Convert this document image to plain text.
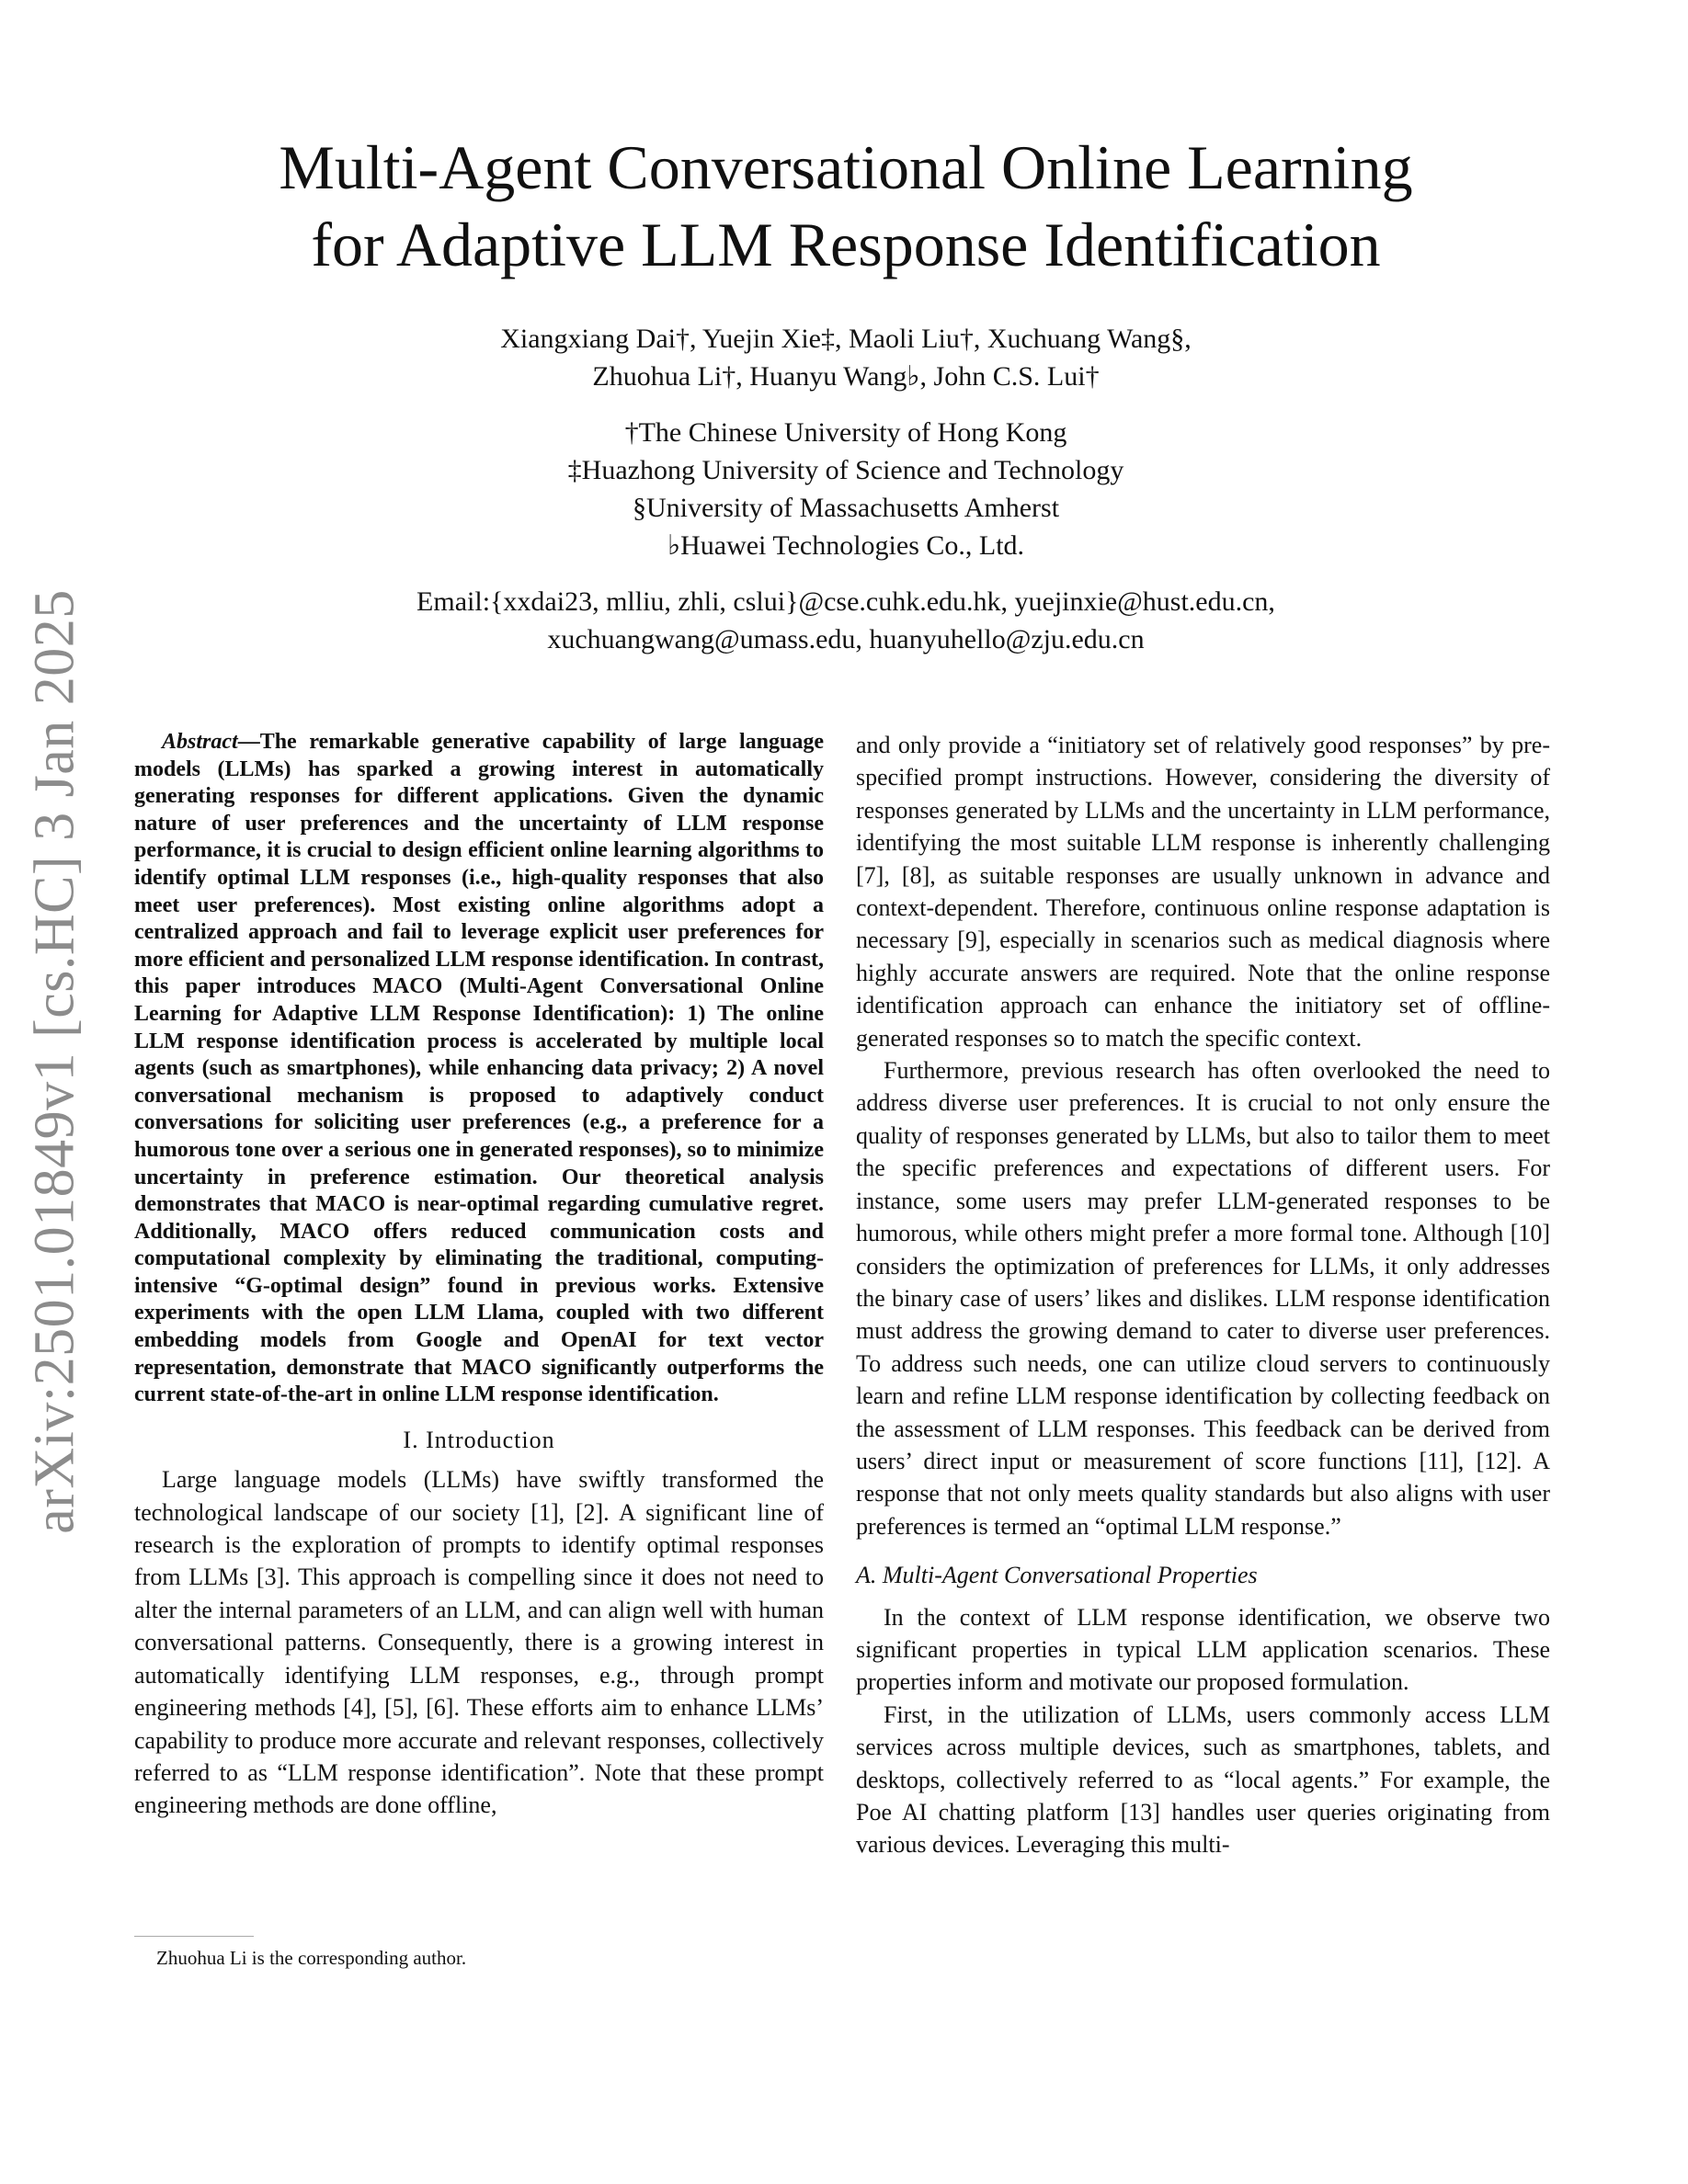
arXiv:2501.01849v1 [cs.HC] 3 Jan 2025
Multi-Agent Conversational Online Learning
for Adaptive LLM Response Identification
Xiangxiang Dai†, Yuejin Xie‡, Maoli Liu†, Xuchuang Wang§,
Zhuohua Li†, Huanyu Wang♭, John C.S. Lui†
†The Chinese University of Hong Kong
‡Huazhong University of Science and Technology
§University of Massachusetts Amherst
♭Huawei Technologies Co., Ltd.
Email:{xxdai23, mlliu, zhli, cslui}@cse.cuhk.edu.hk, yuejinxie@hust.edu.cn,
xuchuangwang@umass.edu, huanyuhello@zju.edu.cn

Abstract—The remarkable generative capability of large language models (LLMs) has sparked a growing interest in automatically generating responses for different applications. Given the dynamic nature of user preferences and the uncertainty of LLM response performance, it is crucial to design efficient online learning algorithms to identify optimal LLM responses (i.e., high-quality responses that also meet user preferences). Most existing online algorithms adopt a centralized approach and fail to leverage explicit user preferences for more efficient and personalized LLM response identification. In contrast, this paper introduces MACO (Multi-Agent Conversational Online Learning for Adaptive LLM Response Identification): 1) The online LLM response identification process is accelerated by multiple local agents (such as smartphones), while enhancing data privacy; 2) A novel conversational mechanism is proposed to adaptively conduct conversations for soliciting user preferences (e.g., a preference for a humorous tone over a serious one in generated responses), so to minimize uncertainty in preference estimation. Our theoretical analysis demonstrates that MACO is near-optimal regarding cumulative regret. Additionally, MACO offers reduced communication costs and computational complexity by eliminating the traditional, computing-intensive “G-optimal design” found in previous works. Extensive experiments with the open LLM Llama, coupled with two different embedding models from Google and OpenAI for text vector representation, demonstrate that MACO significantly outperforms the current state-of-the-art in online LLM response identification.

I. Introduction

Large language models (LLMs) have swiftly transformed the technological landscape of our society [1], [2]. A significant line of research is the exploration of prompts to identify optimal responses from LLMs [3]. This approach is compelling since it does not need to alter the internal parameters of an LLM, and can align well with human conversational patterns. Consequently, there is a growing interest in automatically identifying LLM responses, e.g., through prompt engineering methods [4], [5], [6]. These efforts aim to enhance LLMs’ capability to produce more accurate and relevant responses, collectively referred to as “LLM response identification”. Note that these prompt engineering methods are done offline,

and only provide a “initiatory set of relatively good responses” by pre-specified prompt instructions. However, considering the diversity of responses generated by LLMs and the uncertainty in LLM performance, identifying the most suitable LLM response is inherently challenging [7], [8], as suitable responses are usually unknown in advance and context-dependent. Therefore, continuous online response adaptation is necessary [9], especially in scenarios such as medical diagnosis where highly accurate answers are required. Note that the online response identification approach can enhance the initiatory set of offline-generated responses so to match the specific context.

Furthermore, previous research has often overlooked the need to address diverse user preferences. It is crucial to not only ensure the quality of responses generated by LLMs, but also to tailor them to meet the specific preferences and expectations of different users. For instance, some users may prefer LLM-generated responses to be humorous, while others might prefer a more formal tone. Although [10] considers the optimization of preferences for LLMs, it only addresses the binary case of users’ likes and dislikes. LLM response identification must address the growing demand to cater to diverse user preferences. To address such needs, one can utilize cloud servers to continuously learn and refine LLM response identification by collecting feedback on the assessment of LLM responses. This feedback can be derived from users’ direct input or measurement of score functions [11], [12]. A response that not only meets quality standards but also aligns with user preferences is termed an “optimal LLM response.”

A. Multi-Agent Conversational Properties

In the context of LLM response identification, we observe two significant properties in typical LLM application scenarios. These properties inform and motivate our proposed formulation.

First, in the utilization of LLMs, users commonly access LLM services across multiple devices, such as smartphones, tablets, and desktops, collectively referred to as “local agents.” For example, the Poe AI chatting platform [13] handles user queries originating from various devices. Leveraging this multi-

Zhuohua Li is the corresponding author.
